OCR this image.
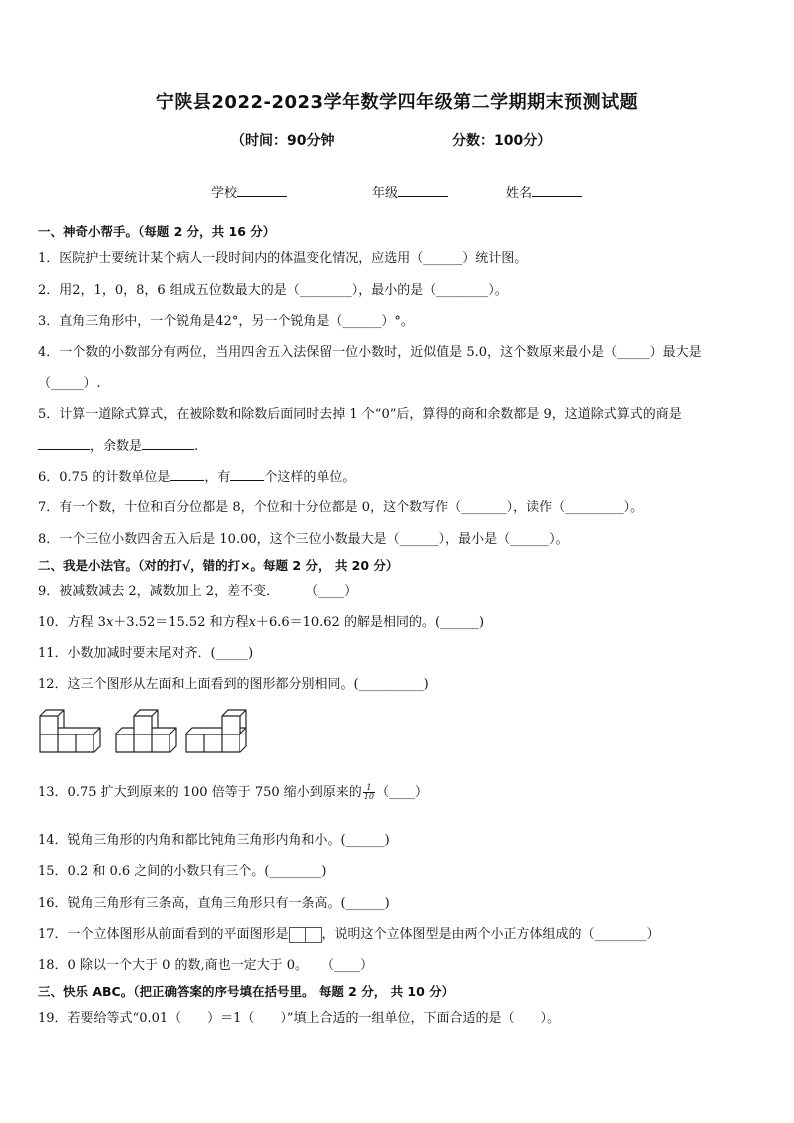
宁陕县2022-2023学年数学四年级第二学期期末预测试题
（时间：90分钟	分数：100分）
学校	年级	姓名
一、神奇小帮手。（每题 2 分，共 16 分）
1．医院护士要统计某个病人一段时间内的体温变化情况，应选用（______）统计图。
2．用2，1，0，8，6 组成五位数最大的是（________），最小的是（________）。
3．直角三角形中，一个锐角是42°，另一个锐角是（______）°。
4．一个数的小数部分有两位，当用四舍五入法保留一位小数时，近似值是 5.0，这个数原来最小是（_____）最大是
（_____）.
5．计算一道除式算式，在被除数和除数后面同时去掉 1 个“0”后，算得的商和余数都是 9，这道除式算式的商是
，余数是	.
6．0.75 的计数单位是	，有	个这样的单位。
7．有一个数，十位和百分位都是 8，个位和十分位都是 0，这个数写作（_______），读作（_________）。
8．一个三位小数四舍五入后是 10.00，这个三位小数最大是（______），最小是（______）。
二、我是小法官。（对的打√，错的打×。每题 2 分， 共 20 分）
9．被减数减去 2，减数加上 2，差不变．　　　（____）
10．方程 3x＋3.52＝15.52 和方程x＋6.6＝10.62 的解是相同的。(______)
11．小数加减时要末尾对齐．(_____)
12．这三个图形从左面和上面看到的图形都分别相同。(__________)
13．0.75 扩大到原来的 100 倍等于 750 缩小到原来的 $\frac{1}{10}$ （____）
14．锐角三角形的内角和都比钝角三角形内角和小。(______)
15．0.2 和 0.6 之间的小数只有三个。(________)
16．锐角三角形有三条高，直角三角形只有一条高。(______)
17．一个立体图形从前面看到的平面图形是	，说明这个立体图型是由两个小正方体组成的（________）
18．0 除以一个大于 0 的数,商也一定大于 0。　　（____）
三、快乐 ABC。（把正确答案的序号填在括号里。 每题 2 分， 共 10 分）
19．若要给等式“0.01（　　）＝1（　　）”填上合适的一组单位，下面合适的是（　　）。
